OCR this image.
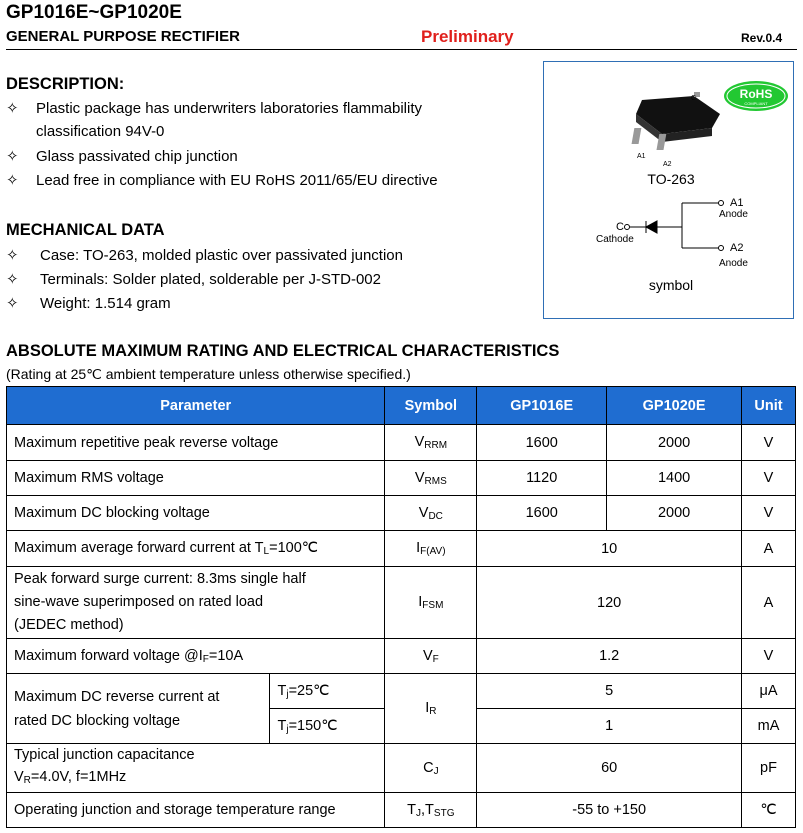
GP1016E~GP1020E
GENERAL PURPOSE RECTIFIER	Preliminary	Rev.0.4
DESCRIPTION:
✧ Plastic package has underwriters laboratories flammability
classification 94V-0
✧ Glass passivated chip junction
✧ Lead free in compliance with EU RoHS 2011/65/EU directive
MECHANICAL DATA
✧ Case: TO-263, molded plastic over passivated junction
✧ Terminals: Solder plated, solderable per J-STD-002
✧ Weight: 1.514 gram
C
A1
A2
RoHS
COMPLIANT
TO-263
C
Cathode
A1
Anode
A2
Anode
symbol
ABSOLUTE MAXIMUM RATING AND ELECTRICAL CHARACTERISTICS
(Rating at 25℃ ambient temperature unless otherwise specified.)
Parameter		Symbol	GP1016E	GP1020E	Unit
Maximum repetitive peak reverse voltage		$V_{RRM}$	1600	2000	V
Maximum RMS voltage		$V_{RMS}$	1120	1400	V
Maximum DC blocking voltage		$V_{DC}$	1600	2000	V
Maximum average forward current at $T_L=100℃$		$I_{F(AV)}$	10		A
Peak forward surge current: 8.3ms single half
sine-wave superimposed on rated load
(JEDEC method)		$I_{FSM}$	120		A
Maximum forward voltage $@I_F=10A$		$V_F$	1.2		V
Maximum DC reverse current at
rated DC blocking voltage	$T_j=25℃$	$I_R$	5		μA
	$T_j=150℃$		1		mA
Typical junction capacitance
$V_R=4.0V$, f=1MHz		$C_J$	60		pF
Operating junction and storage temperature range		$T_J,T_{STG}$	-55 to +150		℃
